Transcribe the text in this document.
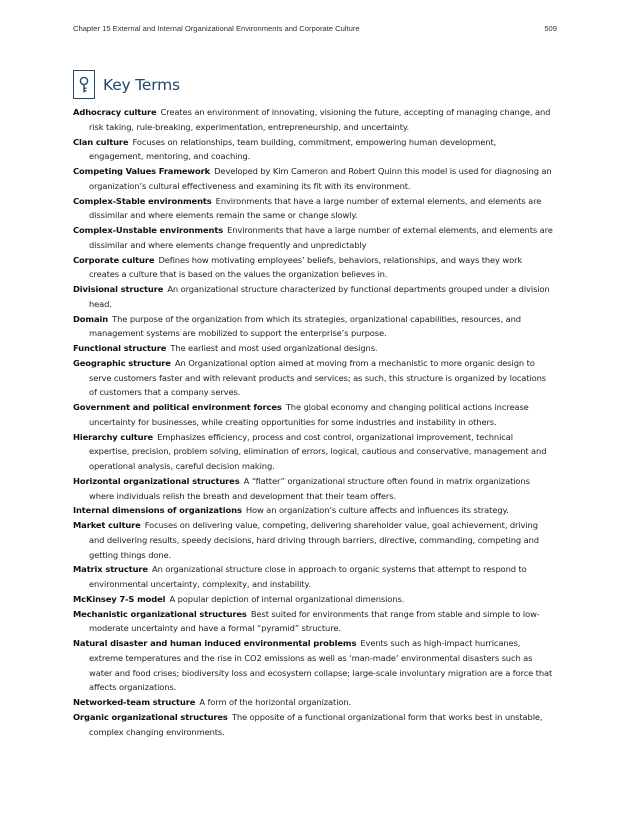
Chapter 15 External and Internal Organizational Environments and Corporate Culture	509
Key Terms

Adhocracy culture  Creates an environment of innovating, visioning the future, accepting of managing change, and risk taking, rule-breaking, experimentation, entrepreneurship, and uncertainty.

Clan culture  Focuses on relationships, team building, commitment, empowering human development, engagement, mentoring, and coaching.

Competing Values Framework  Developed by Kim Cameron and Robert Quinn this model is used for diagnosing an organization’s cultural effectiveness and examining its fit with its environment.

Complex-Stable environments  Environments that have a large number of external elements, and elements are dissimilar and where elements remain the same or change slowly.

Complex-Unstable environments  Environments that have a large number of external elements, and elements are dissimilar and where elements change frequently and unpredictably

Corporate culture  Defines how motivating employees’ beliefs, behaviors, relationships, and ways they work creates a culture that is based on the values the organization believes in.

Divisional structure  An organizational structure characterized by functional departments grouped under a division head.

Domain  The purpose of the organization from which its strategies, organizational capabilities, resources, and management systems are mobilized to support the enterprise’s purpose.

Functional structure  The earliest and most used organizational designs.

Geographic structure  An Organizational option aimed at moving from a mechanistic to more organic design to serve customers faster and with relevant products and services; as such, this structure is organized by locations of customers that a company serves.

Government and political environment forces  The global economy and changing political actions increase uncertainty for businesses, while creating opportunities for some industries and instability in others.

Hierarchy culture  Emphasizes efficiency, process and cost control, organizational improvement, technical expertise, precision, problem solving, elimination of errors, logical, cautious and conservative, management and operational analysis, careful decision making.

Horizontal organizational structures  A “flatter” organizational structure often found in matrix organizations where individuals relish the breath and development that their team offers.

Internal dimensions of organizations  How an organization’s culture affects and influences its strategy.

Market culture  Focuses on delivering value, competing, delivering shareholder value, goal achievement, driving and delivering results, speedy decisions, hard driving through barriers, directive, commanding, competing and getting things done.

Matrix structure  An organizational structure close in approach to organic systems that attempt to respond to environmental uncertainty, complexity, and instability.

McKinsey 7-S model  A popular depiction of internal organizational dimensions.

Mechanistic organizational structures  Best suited for environments that range from stable and simple to low-moderate uncertainty and have a formal “pyramid” structure.

Natural disaster and human induced environmental problems  Events such as high-impact hurricanes, extreme temperatures and the rise in CO2 emissions as well as ‘man-made’ environmental disasters such as water and food crises; biodiversity loss and ecosystem collapse; large-scale involuntary migration are a force that affects organizations.

Networked-team structure  A form of the horizontal organization.

Organic organizational structures  The opposite of a functional organizational form that works best in unstable, complex changing environments.
